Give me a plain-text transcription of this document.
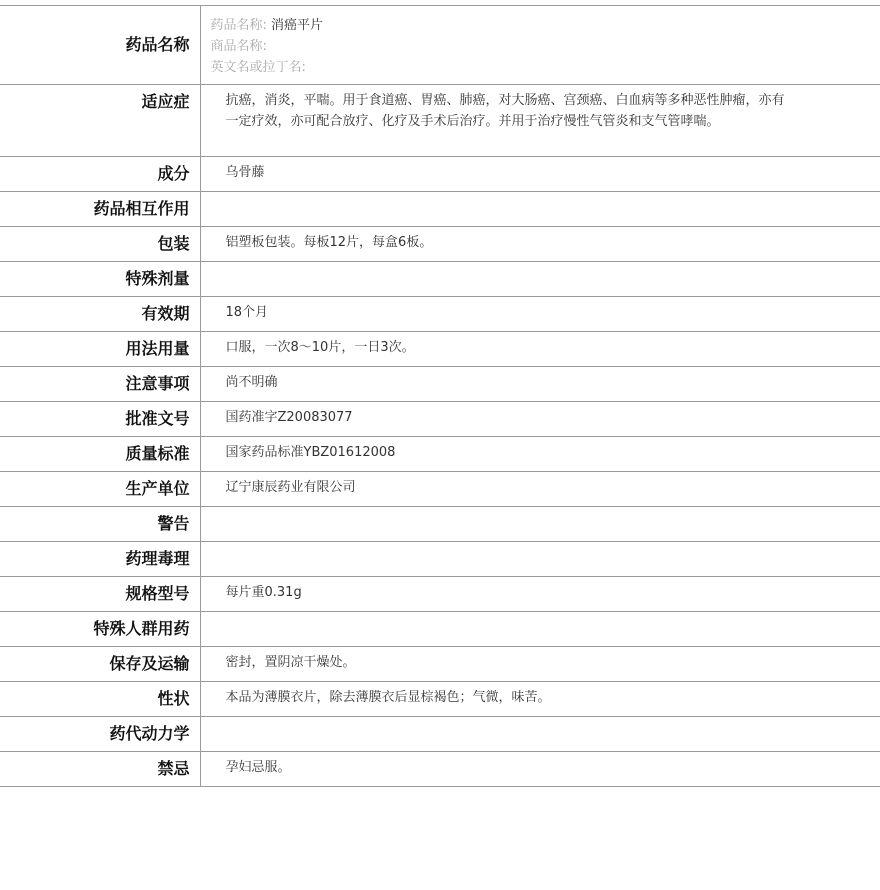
药品名称	药品名称: 消癌平片
商品名称:
英文名或拉丁名:

适应症	抗癌，消炎，平喘。用于食道癌、胃癌、肺癌，对大肠癌、宫颈癌、白血病等多种恶性肿瘤，亦有一定疗效，亦可配合放疗、化疗及手术后治疗。并用于治疗慢性气管炎和支气管哮喘。
成分	乌骨藤
药品相互作用	
包装	铝塑板包装。每板12片，每盒6板。
特殊剂量	
有效期	18个月
用法用量	口服，一次8～10片，一日3次。
注意事项	尚不明确
批准文号	国药准字Z20083077
质量标准	国家药品标准YBZ01612008
生产单位	辽宁康辰药业有限公司
警告	
药理毒理	
规格型号	每片重0.31g
特殊人群用药	
保存及运输	密封，置阴凉干燥处。
性状	本品为薄膜衣片，除去薄膜衣后显棕褐色；气微，味苦。
药代动力学	
禁忌	孕妇忌服。
